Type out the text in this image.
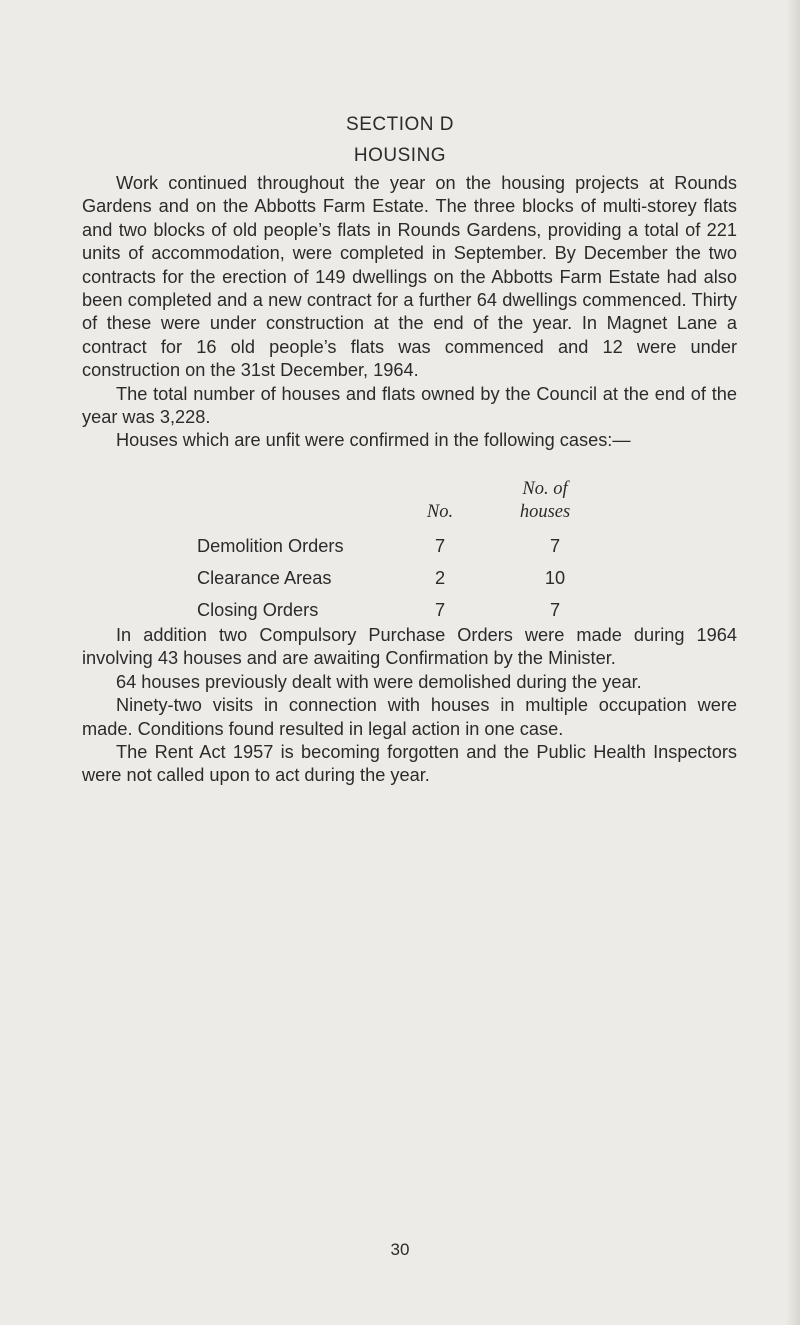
SECTION D
HOUSING

Work continued throughout the year on the housing projects at Rounds Gardens and on the Abbotts Farm Estate. The three blocks of multi-storey flats and two blocks of old people’s flats in Rounds Gardens, providing a total of 221 units of accommodation, were completed in September. By December the two contracts for the erection of 149 dwellings on the Abbotts Farm Estate had also been completed and a new contract for a further 64 dwellings commenced. Thirty of these were under construction at the end of the year. In Magnet Lane a contract for 16 old people’s flats was commenced and 12 were under construction on the 31st December, 1964.

The total number of houses and flats owned by the Council at the end of the year was 3,228.

Houses which are unfit were confirmed in the following cases:—

No. of
No.	houses
Demolition Orders	7	7
Clearance Areas	2	10
Closing Orders	7	7

In addition two Compulsory Purchase Orders were made during 1964 involving 43 houses and are awaiting Confirmation by the Minister.

64 houses previously dealt with were demolished during the year.

Ninety-two visits in connection with houses in multiple occupation were made. Conditions found resulted in legal action in one case.

The Rent Act 1957 is becoming forgotten and the Public Health Inspectors were not called upon to act during the year.

30
